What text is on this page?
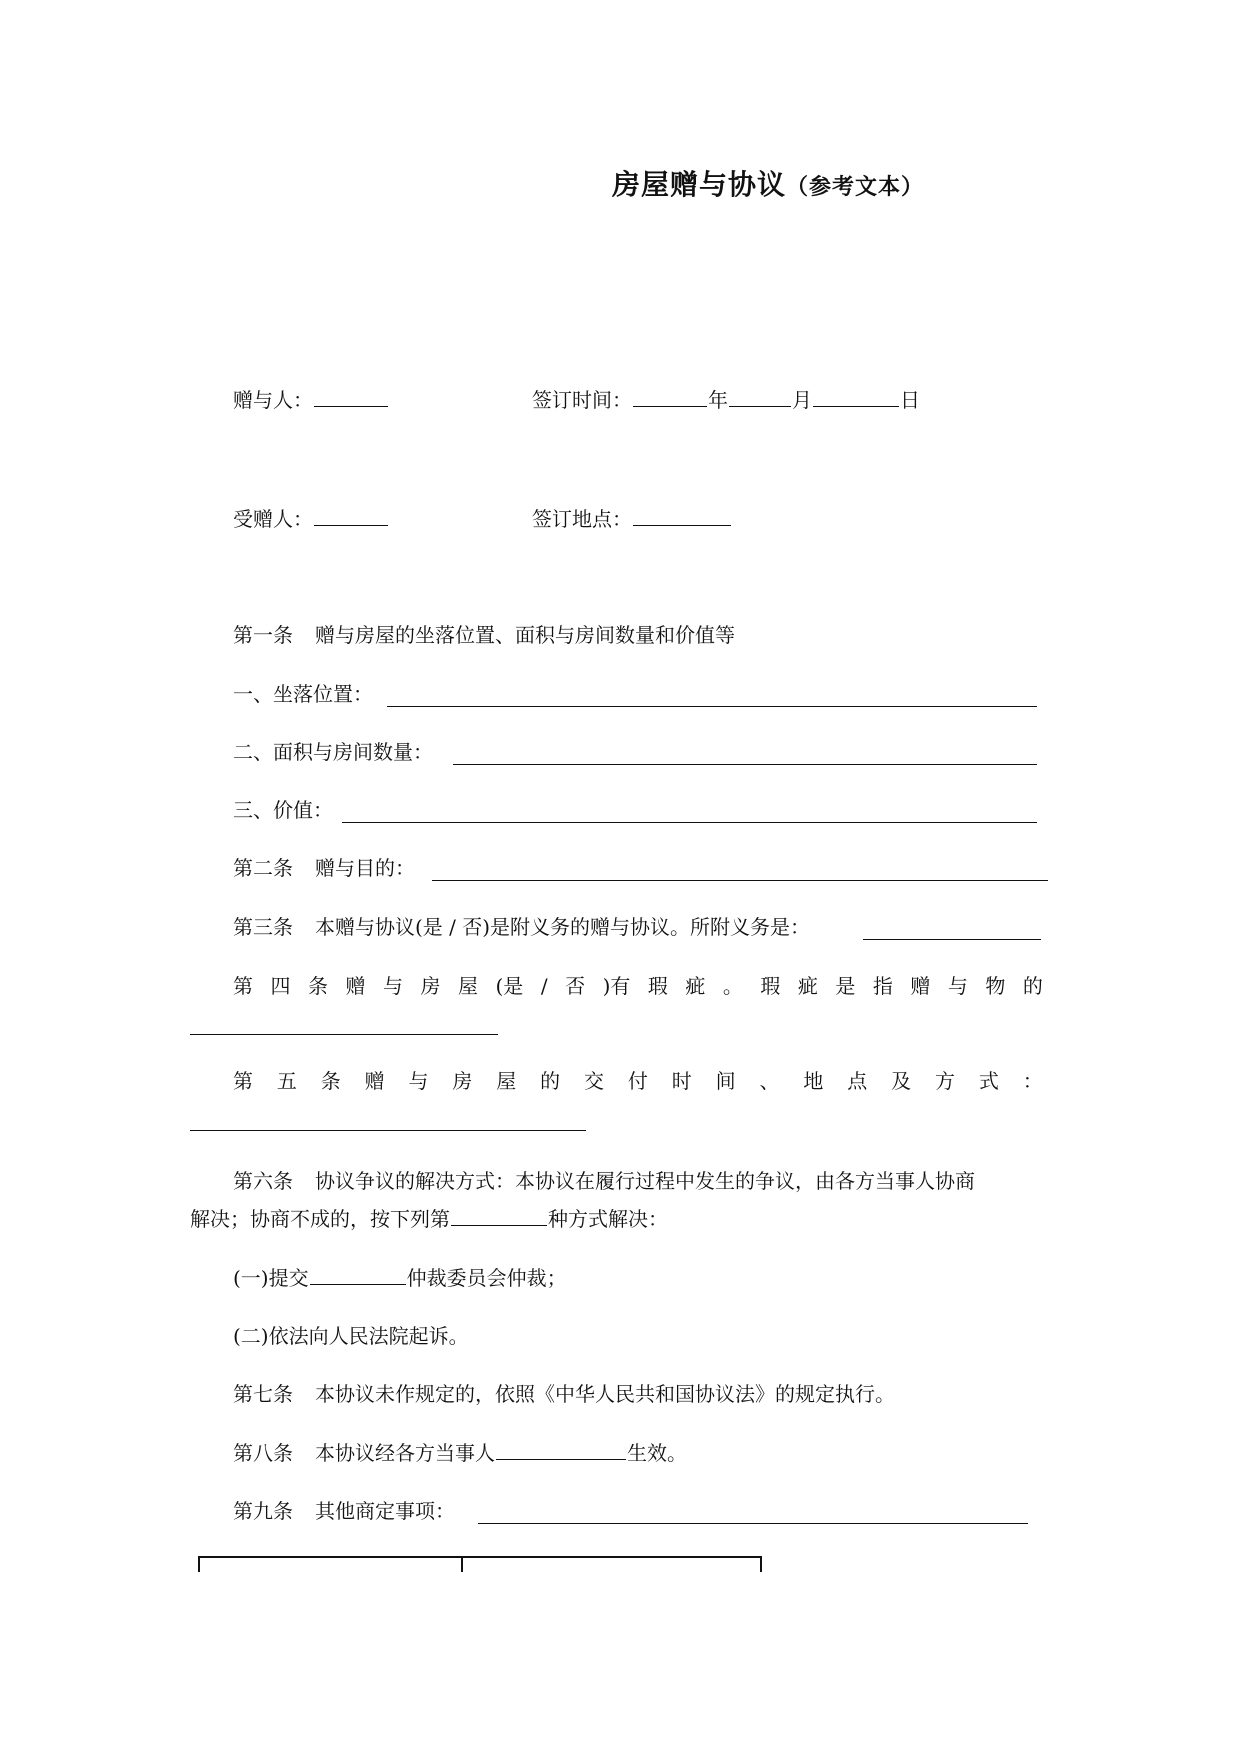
房屋赠与协议（参考文本）
赠与人：	签订时间：	年	月	日
受赠人：	签订地点：
第一条 赠与房屋的坐落位置、面积与房间数量和价值等
一、坐落位置：
二、面积与房间数量：
三、价值：
第二条 赠与目的：
第三条 本赠与协议(是 / 否)是附义务的赠与协议。所附义务是：
第 四 条 赠 与 房 屋 (是 / 否 )有 瑕 疵 。 瑕 疵 是 指 赠 与 物 的
第 五 条 赠 与 房 屋 的 交 付 时 间 、 地 点 及 方 式 ：
第六条 协议争议的解决方式：本协议在履行过程中发生的争议，由各方当事人协商
解决；协商不成的，按下列第	种方式解决：
(一)提交	仲裁委员会仲裁；
(二)依法向人民法院起诉。
第七条 本协议未作规定的，依照《中华人民共和国协议法》的规定执行。
第八条 本协议经各方当事人	生效。
第九条 其他商定事项：
